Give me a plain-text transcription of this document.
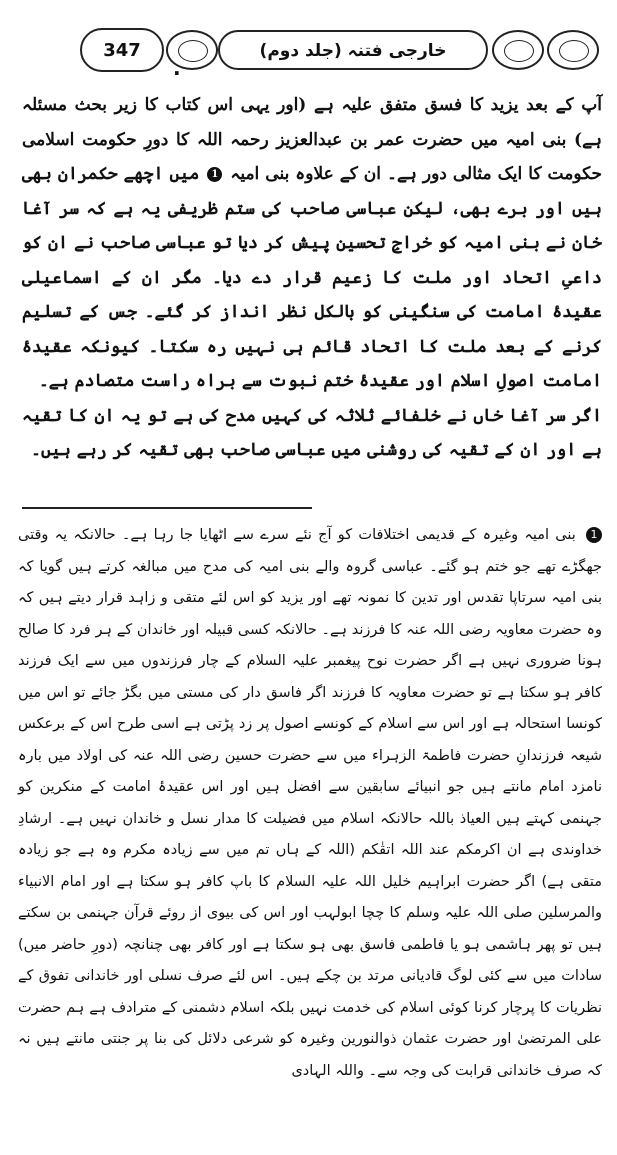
347
.
خارجی فتنہ (جلد دوم)

آپ کے بعد یزید کا فسق متفق علیہ ہے (اور یہی اس کتاب کا زیر بحث مسئلہ ہے) بنی امیہ میں حضرت عمر بن عبدالعزیز رحمہ اللہ کا دورِ حکومت اسلامی حکومت کا ایک مثالی دور ہے۔ ان کے علاوہ بنی امیہ 1 میں اچھے حکمران بھی ہیں اور برے بھی، لیکن عباسی صاحب کی ستم ظریفی یہ ہے کہ سر آغا خان نے بنی امیہ کو خراجِ تحسین پیش کر دیا تو عباسی صاحب نے ان کو داعیِ اتحاد اور ملت کا زعیم قرار دے دیا۔ مگر ان کے اسماعیلی عقیدۂ امامت کی سنگینی کو بالکل نظر انداز کر گئے۔ جس کے تسلیم کرنے کے بعد ملت کا اتحاد قائم ہی نہیں رہ سکتا۔ کیونکہ عقیدۂ امامت اصولِ اسلام اور عقیدۂ ختم نبوت سے براہ راست متصادم ہے۔

اگر سر آغا خاں نے خلفائے ثلاثہ کی کہیں مدح کی ہے تو یہ ان کا تقیہ ہے اور ان کے تقیہ کی روشنی میں عباسی صاحب بھی تقیہ کر رہے ہیں۔

1 بنی امیہ وغیرہ کے قدیمی اختلافات کو آج نئے سرے سے اٹھایا جا رہا ہے۔ حالانکہ یہ وقتی جھگڑے تھے جو ختم ہو گئے۔ عباسی گروہ والے بنی امیہ کی مدح میں مبالغہ کرتے ہیں گویا کہ بنی امیہ سرتاپا تقدس اور تدین کا نمونہ تھے اور یزید کو اس لئے متقی و زاہد قرار دیتے ہیں کہ وہ حضرت معاویہ رضی اللہ عنہ کا فرزند ہے۔ حالانکہ کسی قبیلہ اور خاندان کے ہر فرد کا صالح ہونا ضروری نہیں ہے اگر حضرت نوح پیغمبر علیہ السلام کے چار فرزندوں میں سے ایک فرزند کافر ہو سکتا ہے تو حضرت معاویہ کا فرزند اگر فاسق دار کی مستی میں بگڑ جائے تو اس میں کونسا استحالہ ہے اور اس سے اسلام کے کونسے اصول پر زد پڑتی ہے اسی طرح اس کے برعکس شیعہ فرزندانِ حضرت فاطمۃ الزہراء میں سے حضرت حسین رضی اللہ عنہ کی اولاد میں بارہ نامزد امام مانتے ہیں جو انبیائے سابقین سے افضل ہیں اور اس عقیدۂ امامت کے منکرین کو جہنمی کہتے ہیں العیاذ باللہ حالانکہ اسلام میں فضیلت کا مدار نسل و خاندان نہیں ہے۔ ارشادِ خداوندی ہے ان اکرمکم عند اللہ اتقٰکم (اللہ کے ہاں تم میں سے زیادہ مکرم وہ ہے جو زیادہ متقی ہے) اگر حضرت ابراہیم خلیل اللہ علیہ السلام کا باپ کافر ہو سکتا ہے اور امام الانبیاء والمرسلین صلی اللہ علیہ وسلم کا چچا ابولہب اور اس کی بیوی از روئے قرآن جہنمی بن سکتے ہیں تو پھر ہاشمی ہو یا فاطمی فاسق بھی ہو سکتا ہے اور کافر بھی چنانچہ (دورِ حاضر میں) سادات میں سے کئی لوگ قادیانی مرتد بن چکے ہیں۔ اس لئے صرف نسلی اور خاندانی تفوق کے نظریات کا پرچار کرنا کوئی اسلام کی خدمت نہیں بلکہ اسلام دشمنی کے مترادف ہے ہم حضرت علی المرتضیٰ اور حضرت عثمان ذوالنورین وغیرہ کو شرعی دلائل کی بنا پر جنتی مانتے ہیں نہ کہ صرف خاندانی قرابت کی وجہ سے۔ واللہ الہادی
